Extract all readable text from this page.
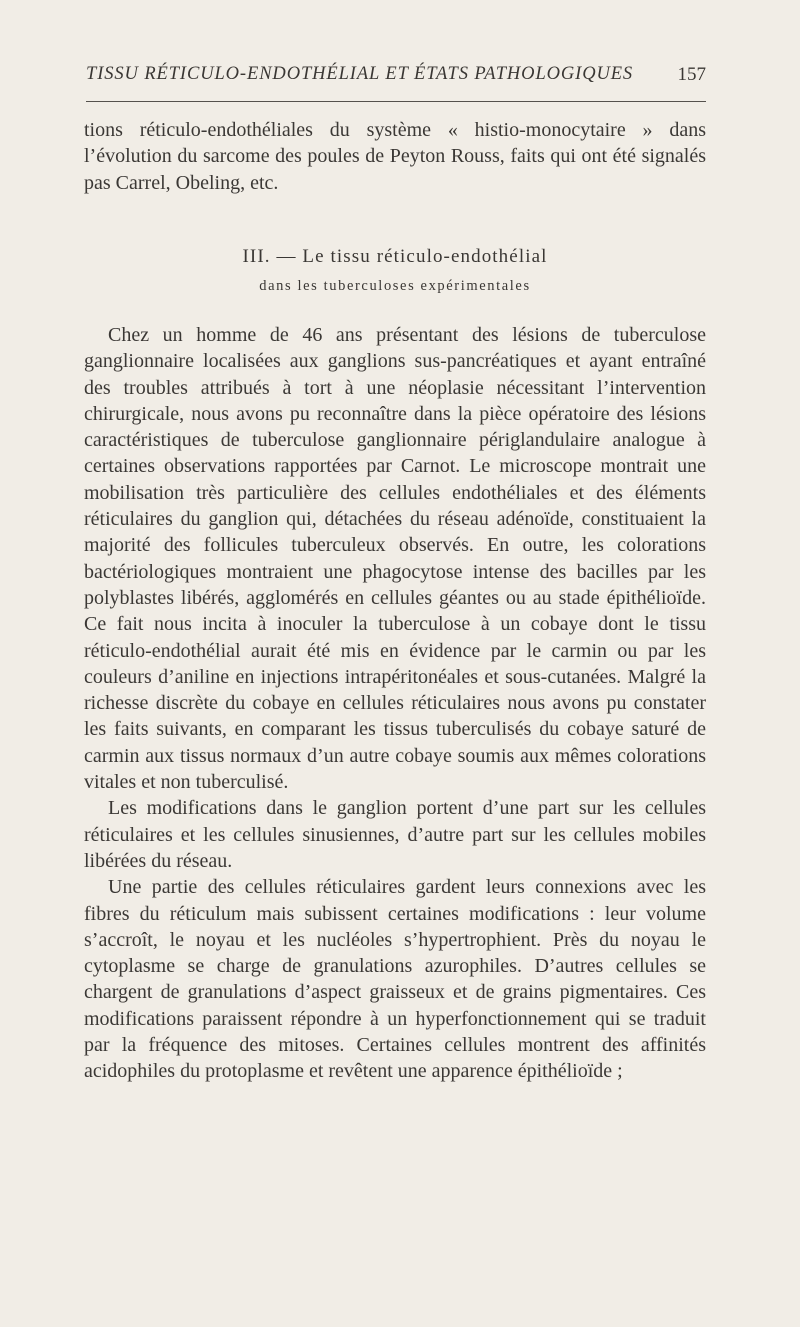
TISSU RÉTICULO-ENDOTHÉLIAL ET ÉTATS PATHOLOGIQUES 157

tions réticulo-endothéliales du système « histio-monocytaire » dans l’évolution du sarcome des poules de Peyton Rouss, faits qui ont été signalés pas Carrel, Obeling, etc.

III. — Le tissu réticulo-endothélial
dans les tuberculoses expérimentales

Chez un homme de 46 ans présentant des lésions de tuberculose ganglionnaire localisées aux ganglions sus-pancréatiques et ayant entraîné des troubles attribués à tort à une néoplasie nécessitant l’intervention chirurgicale, nous avons pu reconnaître dans la pièce opératoire des lésions caractéristiques de tuberculose ganglionnaire périglandulaire analogue à certaines observations rapportées par Carnot. Le microscope montrait une mobilisation très particulière des cellules endothéliales et des éléments réticulaires du ganglion qui, détachées du réseau adénoïde, constituaient la majorité des follicules tuberculeux observés. En outre, les colorations bactériologiques montraient une phagocytose intense des bacilles par les polyblastes libérés, agglomérés en cellules géantes ou au stade épithélioïde. Ce fait nous incita à inoculer la tuberculose à un cobaye dont le tissu réticulo-endothélial aurait été mis en évidence par le carmin ou par les couleurs d’aniline en injections intrapéritonéales et sous-cutanées. Malgré la richesse discrète du cobaye en cellules réticulaires nous avons pu constater les faits suivants, en comparant les tissus tuberculisés du cobaye saturé de carmin aux tissus normaux d’un autre cobaye soumis aux mêmes colorations vitales et non tuberculisé.

Les modifications dans le ganglion portent d’une part sur les cellules réticulaires et les cellules sinusiennes, d’autre part sur les cellules mobiles libérées du réseau.

Une partie des cellules réticulaires gardent leurs connexions avec les fibres du réticulum mais subissent certaines modifications : leur volume s’accroît, le noyau et les nucléoles s’hypertrophient. Près du noyau le cytoplasme se charge de granulations azurophiles. D’autres cellules se chargent de granulations d’aspect graisseux et de grains pigmentaires. Ces modifications paraissent répondre à un hyperfonctionnement qui se traduit par la fréquence des mitoses. Certaines cellules montrent des affinités acidophiles du protoplasme et revêtent une apparence épithélioïde ;
